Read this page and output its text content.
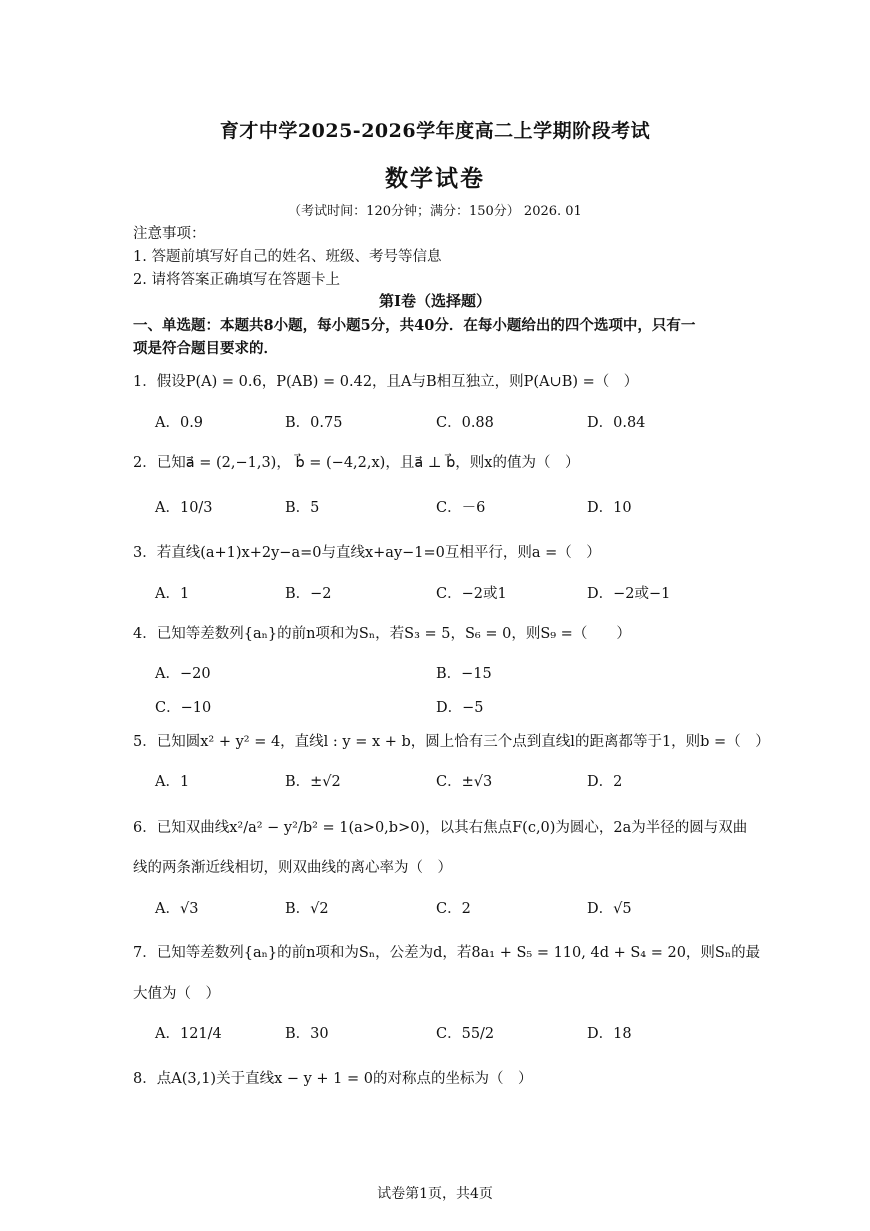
育才中学2025-2026学年度高二上学期阶段考试
数学试卷
（考试时间：120分钟；满分：150分） 2026. 01
注意事项：
1. 答题前填写好自己的姓名、班级、考号等信息
2. 请将答案正确填写在答题卡上
第Ⅰ卷（选择题）
一、单选题：本题共8小题，每小题5分，共40分．在每小题给出的四个选项中，只有一
项是符合题目要求的．
1．假设P(A) = 0.6，P(AB) = 0.42，且A与B相互独立，则P(A∪B) =（　）
A．0.9	B．0.75	C．0.88	D．0.84
2．已知a⃗ = (2,−1,3)， b⃗ = (−4,2,x)，且a⃗ ⊥ b⃗，则x的值为（　）
A．10/3	B．5	C．－6	D．10
3．若直线(a+1)x+2y−a=0与直线x+ay−1=0互相平行，则a =（　）
A．1	B．−2	C．−2或1	D．−2或−1
4．已知等差数列{aₙ}的前n项和为Sₙ，若S₃ = 5，S₆ = 0，则S₉ =（　　）
A．−20	B．−15
C．−10	D．−5
5．已知圆x² + y² = 4，直线l : y = x + b，圆上恰有三个点到直线l的距离都等于1，则b =（　）
A．1	B．±√2	C．±√3	D．2
6．已知双曲线x²/a² − y²/b² = 1(a>0,b>0)，以其右焦点F(c,0)为圆心，2a为半径的圆与双曲
线的两条渐近线相切，则双曲线的离心率为（　）
A．√3	B．√2	C．2	D．√5
7．已知等差数列{aₙ}的前n项和为Sₙ，公差为d，若8a₁ + S₅ = 110, 4d + S₄ = 20，则Sₙ的最
大值为（　）
A．121/4	B．30	C．55/2	D．18
8．点A(3,1)关于直线x − y + 1 = 0的对称点的坐标为（　）
试卷第1页，共4页
